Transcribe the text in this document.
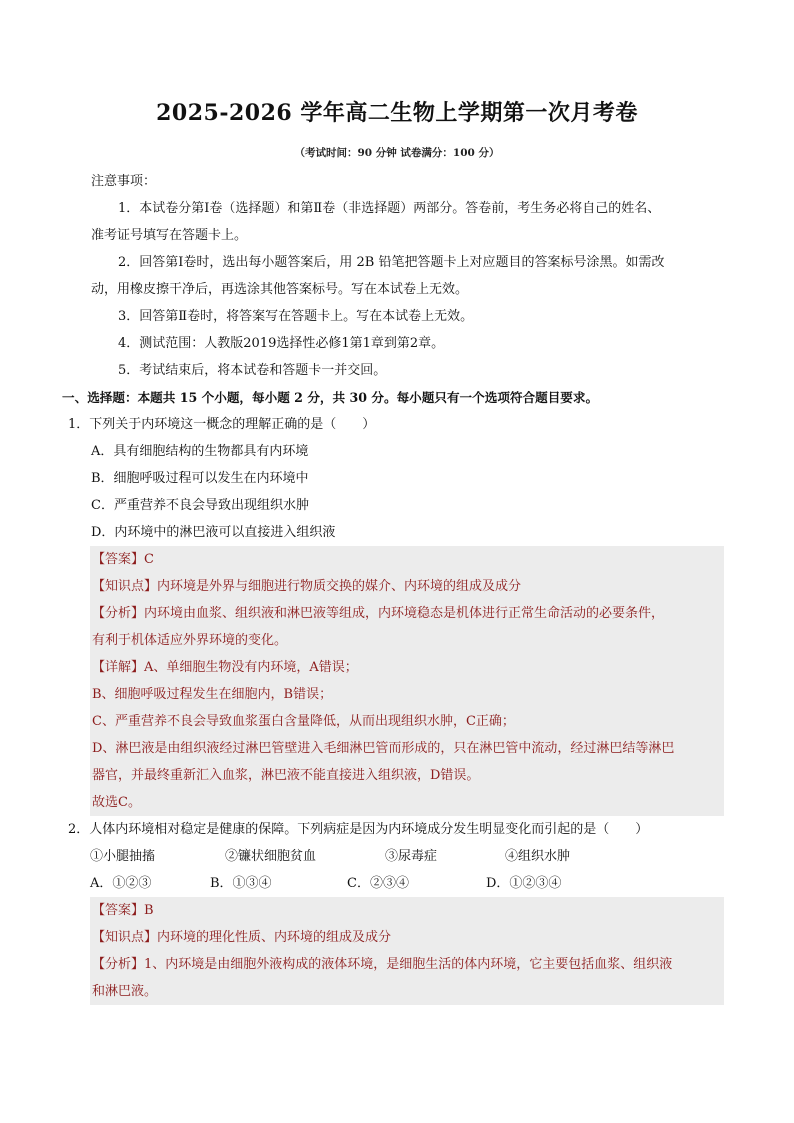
2025-2026 学年高二生物上学期第一次月考卷
（考试时间：90 分钟 试卷满分：100 分）
注意事项：
1．本试卷分第Ⅰ卷（选择题）和第Ⅱ卷（非选择题）两部分。答卷前，考生务必将自己的姓名、
准考证号填写在答题卡上。
2．回答第Ⅰ卷时，选出每小题答案后，用 2B 铅笔把答题卡上对应题目的答案标号涂黑。如需改
动，用橡皮擦干净后，再选涂其他答案标号。写在本试卷上无效。
3．回答第Ⅱ卷时，将答案写在答题卡上。写在本试卷上无效。
4．测试范围：人教版2019选择性必修1第1章到第2章。
5．考试结束后，将本试卷和答题卡一并交回。
一、选择题：本题共 15 个小题，每小题 2 分，共 30 分。每小题只有一个选项符合题目要求。
1．下列关于内环境这一概念的理解正确的是（　　）
A．具有细胞结构的生物都具有内环境
B．细胞呼吸过程可以发生在内环境中
C．严重营养不良会导致出现组织水肿
D．内环境中的淋巴液可以直接进入组织液
【答案】C
【知识点】内环境是外界与细胞进行物质交换的媒介、内环境的组成及成分
【分析】内环境由血浆、组织液和淋巴液等组成，内环境稳态是机体进行正常生命活动的必要条件，
有利于机体适应外界环境的变化。
【详解】A、单细胞生物没有内环境，A错误；
B、细胞呼吸过程发生在细胞内，B错误；
C、严重营养不良会导致血浆蛋白含量降低，从而出现组织水肿，C正确；
D、淋巴液是由组织液经过淋巴管壁进入毛细淋巴管而形成的，只在淋巴管中流动，经过淋巴结等淋巴
器官，并最终重新汇入血浆，淋巴液不能直接进入组织液，D错误。
故选C。
2．人体内环境相对稳定是健康的保障。下列病症是因为内环境成分发生明显变化而引起的是（　　）
①小腿抽搐	②镰状细胞贫血	③尿毒症	④组织水肿
A．①②③	B．①③④	C．②③④	D．①②③④
【答案】B
【知识点】内环境的理化性质、内环境的组成及成分
【分析】1、内环境是由细胞外液构成的液体环境，是细胞生活的体内环境，它主要包括血浆、组织液
和淋巴液。
